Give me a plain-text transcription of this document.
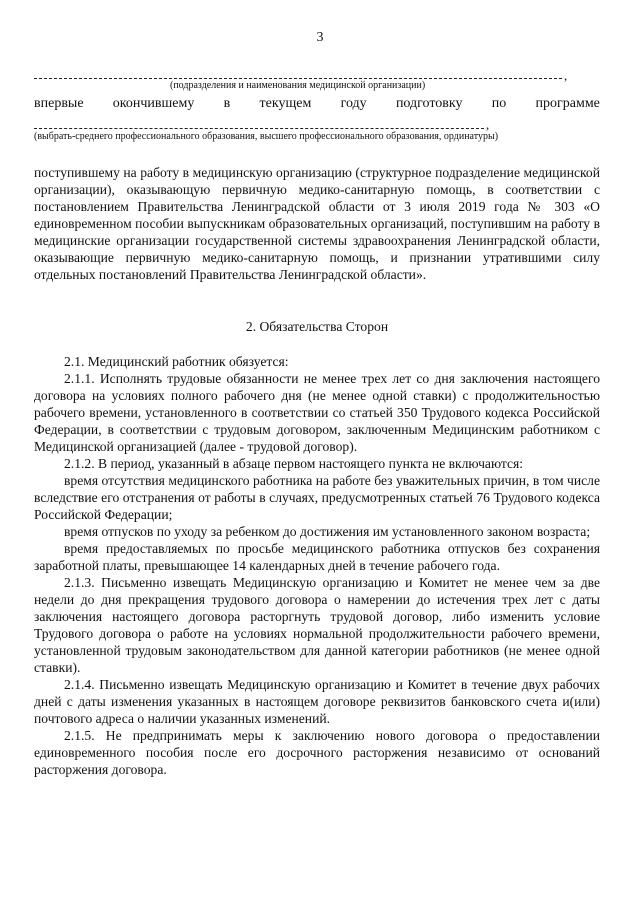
3
,
(подразделения и наименования медицинской организации)
впервые окончившему в текущем году подготовку по программе
,
(выбрать-среднего профессионального образования, высшего профессионального образования, ординатуры)

поступившему на работу в медицинскую организацию (структурное подразделение медицинской организации), оказывающую первичную медико-санитарную помощь, в соответствии с постановлением Правительства Ленинградской области от 3 июля 2019 года № 303 «О единовременном пособии выпускникам образовательных организаций, поступившим на работу в медицинские организации государственной системы здравоохранения Ленинградской области, оказывающие первичную медико-санитарную помощь, и признании утратившими силу отдельных постановлений Правительства Ленинградской области».

2. Обязательства Сторон

2.1. Медицинский работник обязуется:

2.1.1. Исполнять трудовые обязанности не менее трех лет со дня заключения настоящего договора на условиях полного рабочего дня (не менее одной ставки) с продолжительностью рабочего времени, установленного в соответствии со статьей 350 Трудового кодекса Российской Федерации, в соответствии с трудовым договором, заключенным Медицинским работником с Медицинской организацией (далее - трудовой договор).

2.1.2. В период, указанный в абзаце первом настоящего пункта не включаются:

время отсутствия медицинского работника на работе без уважительных причин, в том числе вследствие его отстранения от работы в случаях, предусмотренных статьей 76 Трудового кодекса Российской Федерации;

время отпусков по уходу за ребенком до достижения им установленного законом возраста;

время предоставляемых по просьбе медицинского работника отпусков без сохранения заработной платы, превышающее 14 календарных дней в течение рабочего года.

2.1.3. Письменно извещать Медицинскую организацию и Комитет не менее чем за две недели до дня прекращения трудового договора о намерении до истечения трех лет с даты заключения настоящего договора расторгнуть трудовой договор, либо изменить условие Трудового договора о работе на условиях нормальной продолжительности рабочего времени, установленной трудовым законодательством для данной категории работников (не менее одной ставки).

2.1.4. Письменно извещать Медицинскую организацию и Комитет в течение двух рабочих дней с даты изменения указанных в настоящем договоре реквизитов банковского счета и(или) почтового адреса о наличии указанных изменений.

2.1.5. Не предпринимать меры к заключению нового договора о предоставлении единовременного пособия после его досрочного расторжения независимо от оснований расторжения договора.
